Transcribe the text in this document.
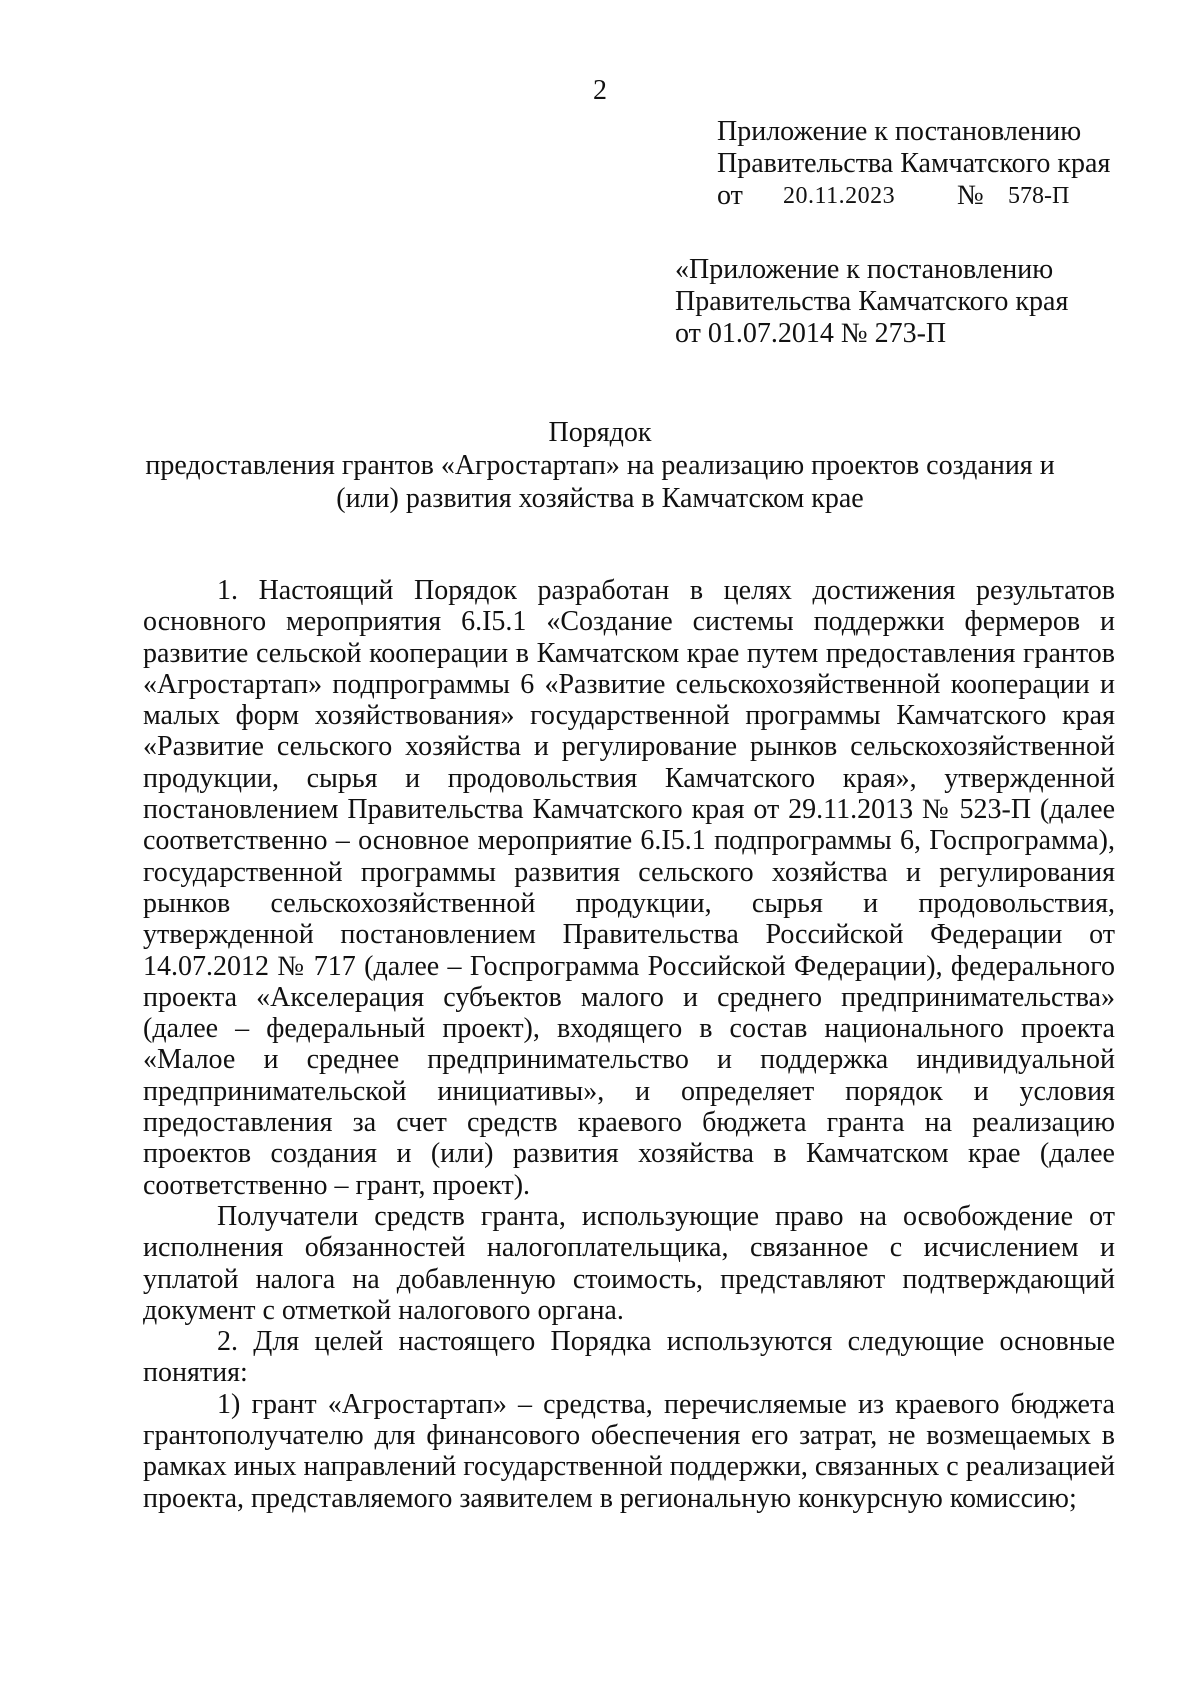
2
Приложение к постановлению
Правительства Камчатского края
от 20.11.2023 № 578-П
«Приложение к постановлению
Правительства Камчатского края
от 01.07.2014 № 273-П
Порядок
предоставления грантов «Агростартап» на реализацию проектов создания и
(или) развития хозяйства в Камчатском крае

1. Настоящий Порядок разработан в целях достижения результатов основного мероприятия 6.I5.1 «Создание системы поддержки фермеров и развитие сельской кооперации в Камчатском крае путем предоставления грантов «Агростартап» подпрограммы 6 «Развитие сельскохозяйственной кооперации и малых форм хозяйствования» государственной программы Камчатского края «Развитие сельского хозяйства и регулирование рынков сельскохозяйственной продукции, сырья и продовольствия Камчатского края», утвержденной постановлением Правительства Камчатского края от 29.11.2013 № 523-П (далее соответственно – основное мероприятие 6.I5.1 подпрограммы 6, Госпрограмма), государственной программы развития сельского хозяйства и регулирования рынков сельскохозяйственной продукции, сырья и продовольствия, утвержденной постановлением Правительства Российской Федерации от 14.07.2012 № 717 (далее – Госпрограмма Российской Федерации), федерального проекта «Акселерация субъектов малого и среднего предпринимательства» (далее – федеральный проект), входящего в состав национального проекта «Малое и среднее предпринимательство и поддержка индивидуальной предпринимательской инициативы», и определяет порядок и условия предоставления за счет средств краевого бюджета гранта на реализацию проектов создания и (или) развития хозяйства в Камчатском крае (далее соответственно – грант, проект).

Получатели средств гранта, использующие право на освобождение от исполнения обязанностей налогоплательщика, связанное с исчислением и уплатой налога на добавленную стоимость, представляют подтверждающий документ с отметкой налогового органа.

2. Для целей настоящего Порядка используются следующие основные понятия:

1) грант «Агростартап» – средства, перечисляемые из краевого бюджета грантополучателю для финансового обеспечения его затрат, не возмещаемых в рамках иных направлений государственной поддержки, связанных с реализацией проекта, представляемого заявителем в региональную конкурсную комиссию;
